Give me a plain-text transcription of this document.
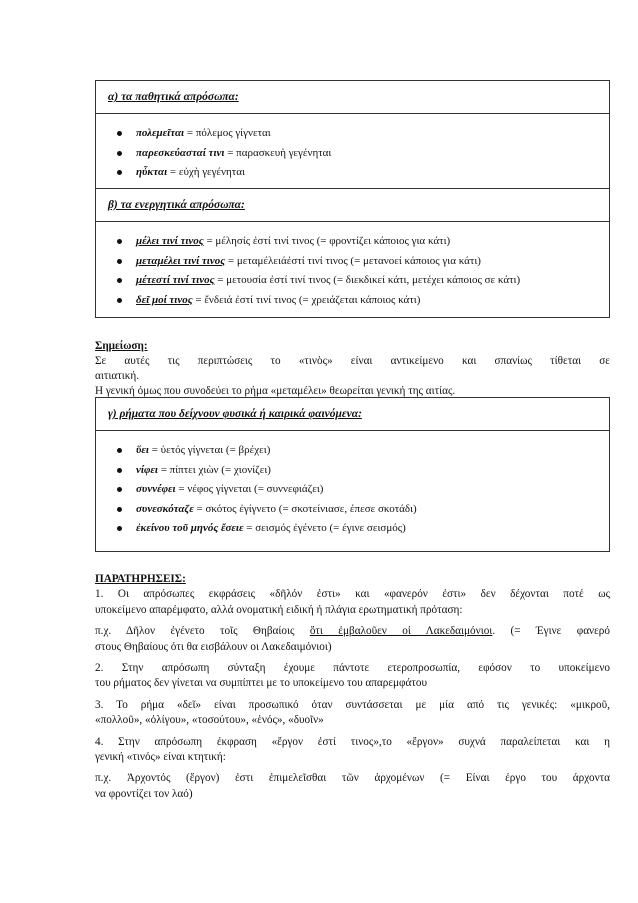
α) τα παθητικά απρόσωπα:
πολεμεῖται = πόλεμος γίγνεται
παρεσκεύασταί τινι = παρασκευὴ γεγένηται
ηὖκται = εὐχὴ γεγένηται
β) τα ενεργητικά απρόσωπα:
μέλει τινί τινος = μέλησίς ἐστί τινί τινος (= φροντίζει κάποιος για κάτι)
μεταμέλει τινί τινος = μεταμέλειάἐστί τινί τινος (= μετανοεί κάποιος για κάτι)
μέτεστί τινί τινος = μετουσία ἐστί τινί τινος (= διεκδικεί κάτι, μετέχει κάποιος σε κάτι)
δεῖ μοί τινος = ἔνδειά ἐστί τινί τινος (= χρειάζεται κάποιος κάτι)

Σημείωση:

Σε αυτές τις περιπτώσεις το «τινὸς» είναι αντικείμενο και σπανίως τίθεται σε

αιτιατική.

Η γενική όμως που συνοδεύει το ρήμα «μεταμέλει» θεωρείται γενική της αιτίας.

γ) ρήματα που δείχνουν φυσικά ή καιρικά φαινόμενα:
ὕει = ὑετός γίγνεται (= βρέχει)
νίφει = πίπτει χιὼν (= χιονίζει)
συννέφει = νέφος γίγνεται (= συννεφιάζει)
συνεσκόταζε = σκότος ἐγίγνετο (= σκοτείνιασε, έπεσε σκοτάδι)
ἐκείνου τοῦ μηνός ἔσειε = σεισμός ἐγένετο (= έγινε σεισμός)

ΠΑΡΑΤΗΡΗΣΕΙΣ:

1. Οι απρόσωπες εκφράσεις «δῆλόν ἐστι» και «φανερόν ἐστι» δεν δέχονται ποτέ ως
υποκείμενο απαρέμφατο, αλλά ονοματική ειδική ή πλάγια ερωτηματική πρόταση:

π.χ. Δῆλον ἐγένετο τοῖς Θηβαίοις ὅτι ἐμβαλοῦεν οἱ Λακεδαιμόνιοι. (= Έγινε φανερό
στους Θηβαίους ότι θα εισβάλουν οι Λακεδαιμόνιοι)

2. Στην απρόσωπη σύνταξη έχουμε πάντοτε ετεροπροσωπία, εφόσον το υποκείμενο
του ρήματος δεν γίνεται να συμπίπτει με το υποκείμενο του απαρεμφάτου

3. Το ρήμα «δεῖ» είναι προσωπικό όταν συντάσσεται με μία από τις γενικές: «μικροῦ,
«πολλοῦ», «ὀλίγου», «τοσούτου», «ἑνός», «δυοῖν»

4. Στην απρόσωπη έκφραση «ἔργον ἐστί τινος»,το «ἔργον» συχνά παραλείπεται και η
γενική «τινός» είναι κτητική:

π.χ. Ἀρχοντός (ἔργον) ἐστι ἐπιμελεῖσθαι τῶν ἀρχομένων (= Είναι έργο του άρχοντα
να φροντίζει τον λαό)
